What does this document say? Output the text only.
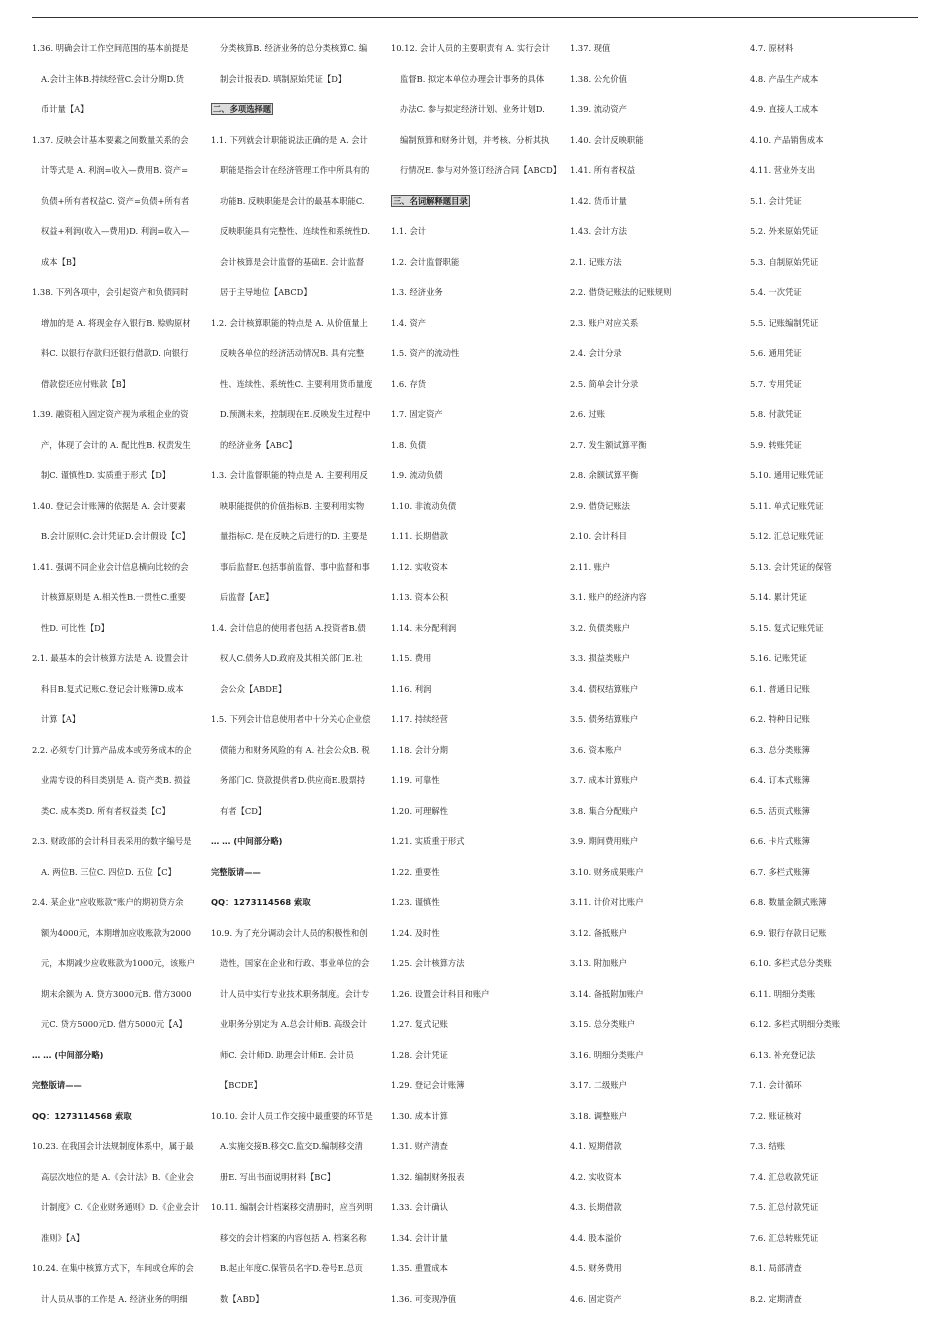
1.36. 明确会计工作空间范围的基本前提是
A.会计主体B.持续经营C.会计分期D.货
币计量【A】
1.37. 反映会计基本要素之间数量关系的会
计等式是 A. 利润=收入—费用B. 资产=
负债+所有者权益C. 资产=负债+所有者
权益+利润(收入—费用)D. 利润=收入—
成本【B】
1.38. 下列各项中，会引起资产和负债同时
增加的是 A. 将现金存入银行B. 赊购原材
料C. 以银行存款归还银行借款D. 向银行
借款偿还应付账款【B】
1.39. 融资租入固定资产视为承租企业的资
产，体现了会计的 A. 配比性B. 权责发生
制C. 谨慎性D. 实质重于形式【D】
1.40. 登记会计账簿的依据是 A. 会计要素
B.会计原则C.会计凭证D.会计假设【C】
1.41. 强调不同企业会计信息横向比较的会
计核算原则是 A.相关性B.一贯性C.重要
性D. 可比性【D】
2.1. 最基本的会计核算方法是 A. 设置会计
科目B.复式记账C.登记会计账簿D.成本
计算【A】
2.2. 必须专门计算产品成本或劳务成本的企
业需专设的科目类别是 A. 资产类B. 损益
类C. 成本类D. 所有者权益类【C】
2.3. 财政部的会计科目表采用的数字编号是
A. 两位B. 三位C. 四位D. 五位【C】
2.4. 某企业“应收账款”账户的期初贷方余
额为4000元，本期增加应收账款为2000
元，本期减少应收账款为1000元，该账户
期末余额为 A. 贷方3000元B. 借方3000
元C. 贷方5000元D. 借方5000元【A】
… … (中间部分略)
完整版请——
QQ：1273114568 索取
10.23. 在我国会计法规制度体系中，属于最
高层次地位的是 A.《会计法》B.《企业会
计制度》C.《企业财务通则》D.《企业会计
准则》【A】
10.24. 在集中核算方式下，车间或仓库的会
计人员从事的工作是 A. 经济业务的明细
分类核算B. 经济业务的总分类核算C. 编
制会计报表D. 填制原始凭证【D】
二、多项选择题
1.1. 下列就会计职能说法正确的是 A. 会计
职能是指会计在经济管理工作中所具有的
功能B. 反映职能是会计的最基本职能C.
反映职能具有完整性、连续性和系统性D.
会计核算是会计监督的基础E. 会计监督
居于主导地位【ABCD】
1.2. 会计核算职能的特点是 A. 从价值量上
反映各单位的经济活动情况B. 具有完整
性、连续性、系统性C. 主要利用货币量度
D.预测未来，控制现在E.反映发生过程中
的经济业务【ABC】
1.3. 会计监督职能的特点是 A. 主要利用反
映职能提供的价值指标B. 主要利用实物
量指标C. 是在反映之后进行的D. 主要是
事后监督E.包括事前监督、事中监督和事
后监督【AE】
1.4. 会计信息的使用者包括 A.投资者B.债
权人C.债务人D.政府及其相关部门E.社
会公众【ABDE】
1.5. 下列会计信息使用者中十分关心企业偿
债能力和财务风险的有 A. 社会公众B. 税
务部门C. 贷款提供者D.供应商E.股票持
有者【CD】
… … (中间部分略)
完整版请——
QQ：1273114568 索取
10.9. 为了充分调动会计人员的积极性和创
造性，国家在企业和行政、事业单位的会
计人员中实行专业技术职务制度。会计专
业职务分别定为 A.总会计师B. 高级会计
师C. 会计师D. 助理会计师E. 会计员
【BCDE】
10.10. 会计人员工作交接中最重要的环节是
A.实施交接B.移交C.监交D.编制移交清
册E. 写出书面说明材料【BC】
10.11. 编制会计档案移交清册时，应当列明
移交的会计档案的内容包括 A. 档案名称
B.起止年度C.保管员名字D.卷号E.总页
数【ABD】
10.12. 会计人员的主要职责有 A. 实行会计
监督B. 拟定本单位办理会计事务的具体
办法C. 参与拟定经济计划、业务计划D.
编制预算和财务计划，并考核、分析其执
行情况E. 参与对外签订经济合同【ABCD】
三、名词解释题目录
1.1. 会计
1.2. 会计监督职能
1.3. 经济业务
1.4. 资产
1.5. 资产的流动性
1.6. 存货
1.7. 固定资产
1.8. 负债
1.9. 流动负债
1.10. 非流动负债
1.11. 长期借款
1.12. 实收资本
1.13. 资本公积
1.14. 未分配利润
1.15. 费用
1.16. 利润
1.17. 持续经营
1.18. 会计分期
1.19. 可靠性
1.20. 可理解性
1.21. 实质重于形式
1.22. 重要性
1.23. 谨慎性
1.24. 及时性
1.25. 会计核算方法
1.26. 设置会计科目和账户
1.27. 复式记账
1.28. 会计凭证
1.29. 登记会计账簿
1.30. 成本计算
1.31. 财产清查
1.32. 编制财务报表
1.33. 会计确认
1.34. 会计计量
1.35. 重置成本
1.36. 可变现净值
1.37. 现值
1.38. 公允价值
1.39. 流动资产
1.40. 会计反映职能
1.41. 所有者权益
1.42. 货币计量
1.43. 会计方法
2.1. 记账方法
2.2. 借贷记账法的记账规则
2.3. 账户对应关系
2.4. 会计分录
2.5. 简单会计分录
2.6. 过账
2.7. 发生额试算平衡
2.8. 余额试算平衡
2.9. 借贷记账法
2.10. 会计科目
2.11. 账户
3.1. 账户的经济内容
3.2. 负债类账户
3.3. 损益类账户
3.4. 债权结算账户
3.5. 债务结算账户
3.6. 资本账户
3.7. 成本计算账户
3.8. 集合分配账户
3.9. 期间费用账户
3.10. 财务成果账户
3.11. 计价对比账户
3.12. 备抵账户
3.13. 附加账户
3.14. 备抵附加账户
3.15. 总分类账户
3.16. 明细分类账户
3.17. 二级账户
3.18. 调整账户
4.1. 短期借款
4.2. 实收资本
4.3. 长期借款
4.4. 股本溢价
4.5. 财务费用
4.6. 固定资产
4.7. 原材料
4.8. 产品生产成本
4.9. 直接人工成本
4.10. 产品销售成本
4.11. 营业外支出
5.1. 会计凭证
5.2. 外来原始凭证
5.3. 自制原始凭证
5.4. 一次凭证
5.5. 记账编制凭证
5.6. 通用凭证
5.7. 专用凭证
5.8. 付款凭证
5.9. 转账凭证
5.10. 通用记账凭证
5.11. 单式记账凭证
5.12. 汇总记账凭证
5.13. 会计凭证的保管
5.14. 累计凭证
5.15. 复式记账凭证
5.16. 记账凭证
6.1. 普通日记账
6.2. 特种日记账
6.3. 总分类账簿
6.4. 订本式账簿
6.5. 活页式账簿
6.6. 卡片式账簿
6.7. 多栏式账簿
6.8. 数量金额式账簿
6.9. 银行存款日记账
6.10. 多栏式总分类账
6.11. 明细分类账
6.12. 多栏式明细分类账
6.13. 补充登记法
7.1. 会计循环
7.2. 账证核对
7.3. 结账
7.4. 汇总收款凭证
7.5. 汇总付款凭证
7.6. 汇总转账凭证
8.1. 局部清查
8.2. 定期清查
